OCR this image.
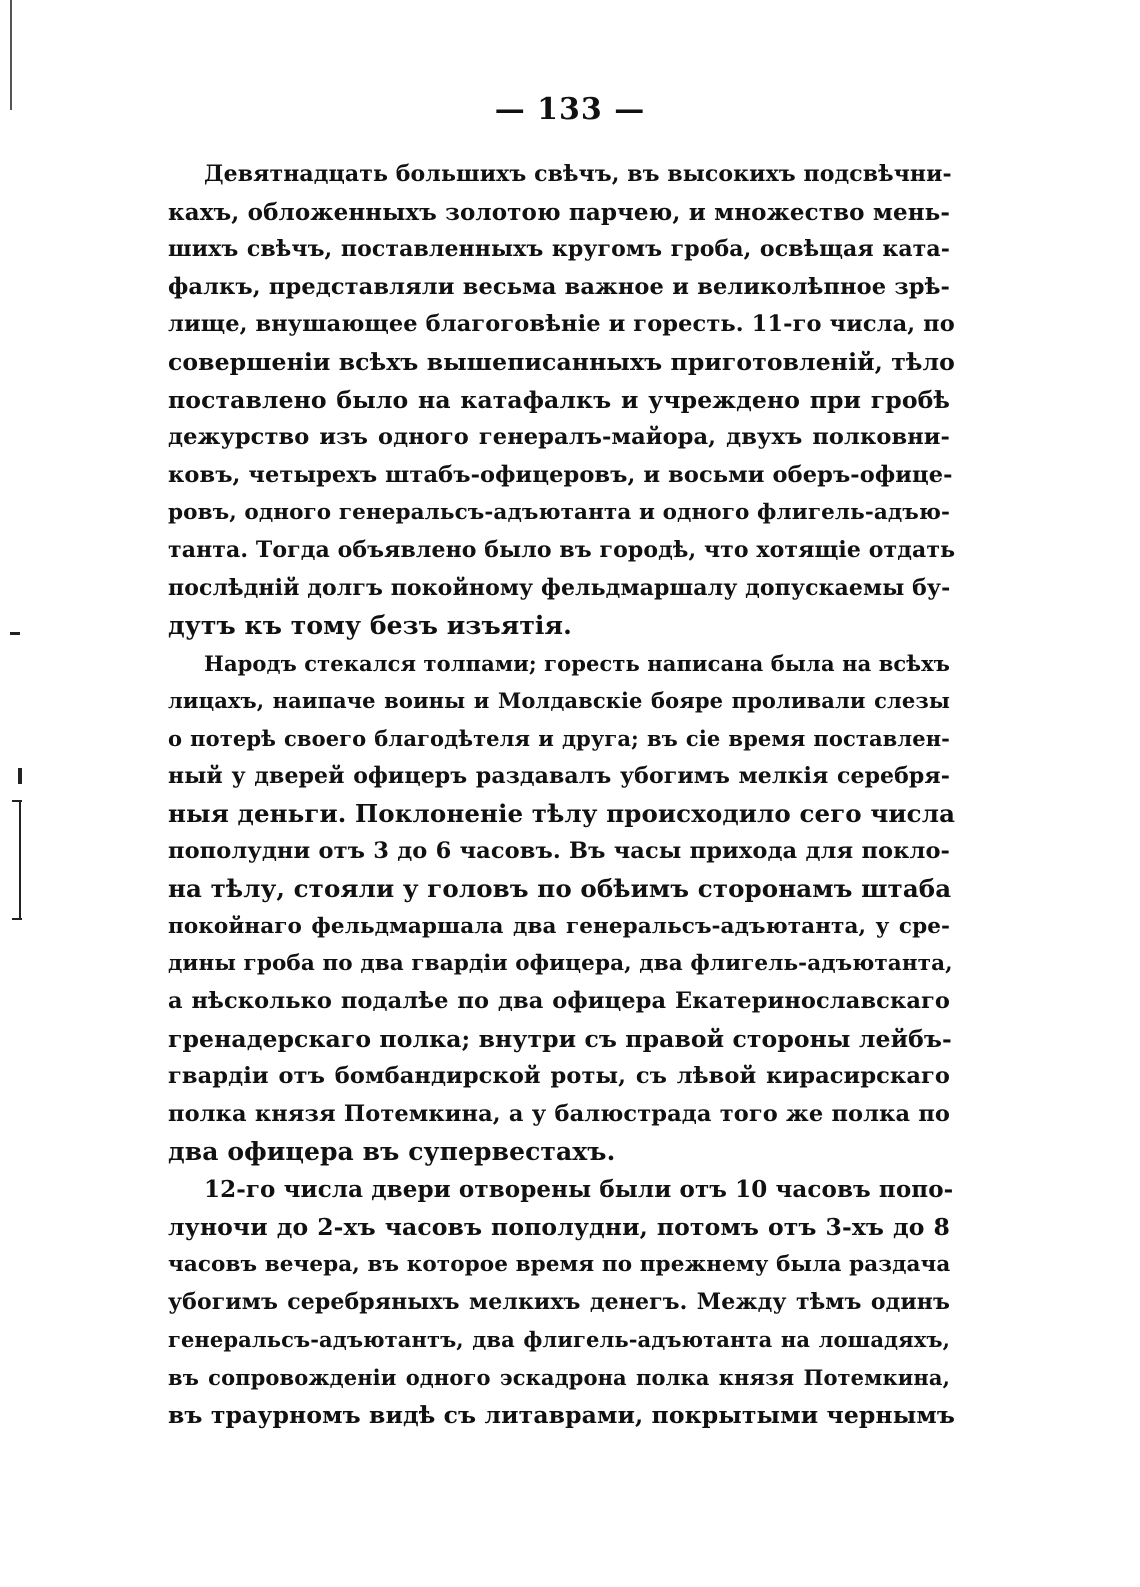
— 133 —
Девятнадцать большихъ свѣчъ, въ высокихъ подсвѣчни-
кахъ, обложенныхъ золотою парчею, и множество мень-
шихъ свѣчъ, поставленныхъ кругомъ гроба, освѣщая ката-
фалкъ, представляли весьма важное и великолѣпное зрѣ-
лище, внушающее благоговѣніе и горесть. 11-го числа, по
совершеніи всѣхъ вышеписанныхъ приготовленій, тѣло
поставлено было на катафалкъ и учреждено при гробѣ
дежурство изъ одного генералъ-майора, двухъ полковни-
ковъ, четырехъ штабъ-офицеровъ, и восьми оберъ-офице-
ровъ, одного генеральсъ-адъютанта и одного флигель-адъю-
танта. Тогда объявлено было въ городѣ, что хотящіе отдать
послѣдній долгъ покойному фельдмаршалу допускаемы бу-
дутъ къ тому безъ изъятія.
Народъ стекался толпами; горесть написана была на всѣхъ
лицахъ, наипаче воины и Молдавскіе бояре проливали слезы
о потерѣ своего благодѣтеля и друга; въ сіе время поставлен-
ный у дверей офицеръ раздавалъ убогимъ мелкія серебря-
ныя деньги. Поклоненіе тѣлу происходило сего числа
пополудни отъ 3 до 6 часовъ. Въ часы прихода для покло-
на тѣлу, стояли у головъ по обѣимъ сторонамъ штаба
покойнаго фельдмаршала два генеральсъ-адъютанта, у сре-
дины гроба по два гвардіи офицера, два флигель-адъютанта,
а нѣсколько подалѣе по два офицера Екатеринославскаго
гренадерскаго полка; внутри съ правой стороны лейбъ-
гвардіи отъ бомбандирской роты, съ лѣвой кирасирскаго
полка князя Потемкина, а у балюстрада того же полка по
два офицера въ супервестахъ.
12-го числа двери отворены были отъ 10 часовъ попо-
луночи до 2-хъ часовъ пополудни, потомъ отъ 3-хъ до 8
часовъ вечера, въ которое время по прежнему была раздача
убогимъ серебряныхъ мелкихъ денегъ. Между тѣмъ одинъ
генеральсъ-адъютантъ, два флигель-адъютанта на лошадяхъ,
въ сопровожденіи одного эскадрона полка князя Потемкина,
въ траурномъ видѣ съ литаврами, покрытыми чернымъ
